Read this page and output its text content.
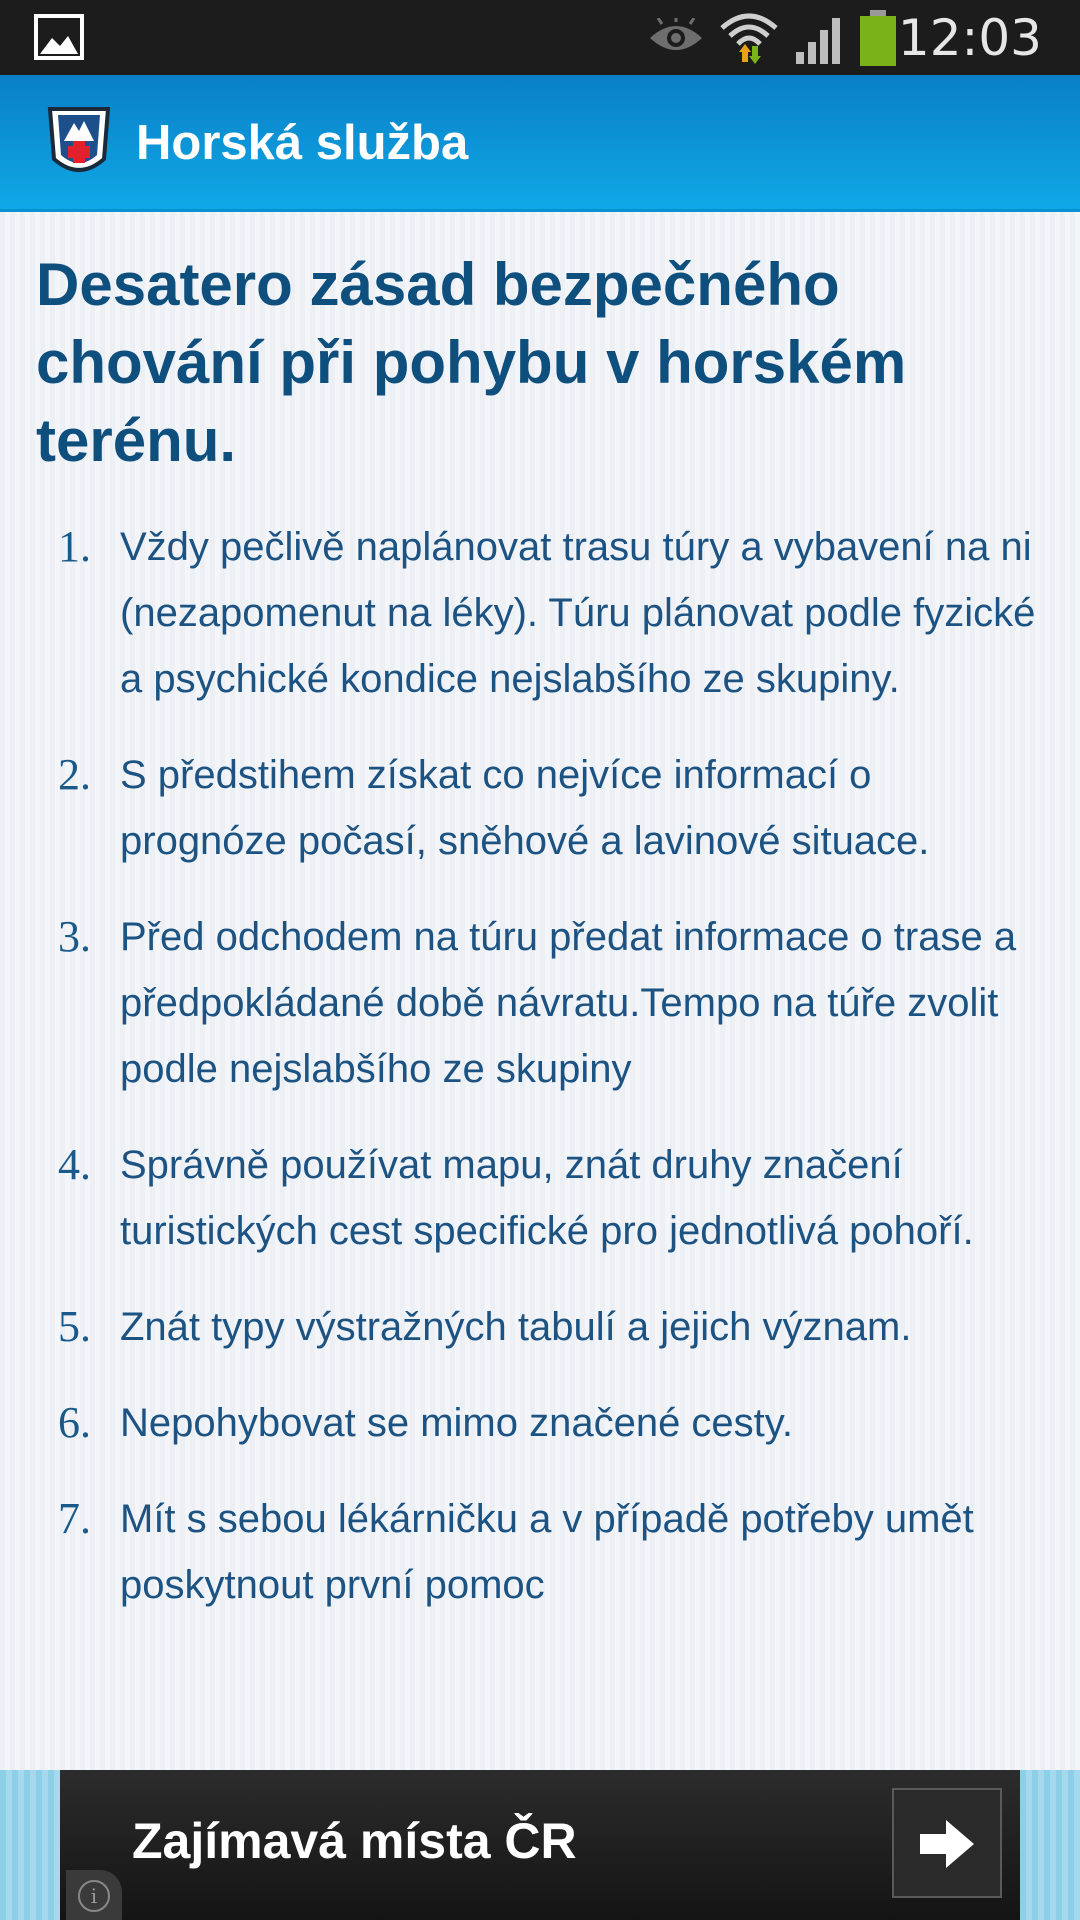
12:03
Horská služba
Desatero zásad bezpečného chování při pohybu v horském terénu.
1. Vždy pečlivě naplánovat trasu túry a vybavení na ni (nezapomenut na léky). Túru plánovat podle fyzické a psychické kondice nejslabšího ze skupiny.
2. S předstihem získat co nejvíce informací o prognóze počasí, sněhové a lavinové situace.
3. Před odchodem na túru předat informace o trase a předpokládané době návratu.Tempo na túře zvolit podle nejslabšího ze skupiny
4. Správně používat mapu, znát druhy značení turistických cest specifické pro jednotlivá pohoří.
5. Znát typy výstražných tabulí a jejich význam.
6. Nepohybovat se mimo značené cesty.
7. Mít s sebou lékárničku a v případě potřeby umět poskytnout první pomoc
Zajímavá místa ČR
i
